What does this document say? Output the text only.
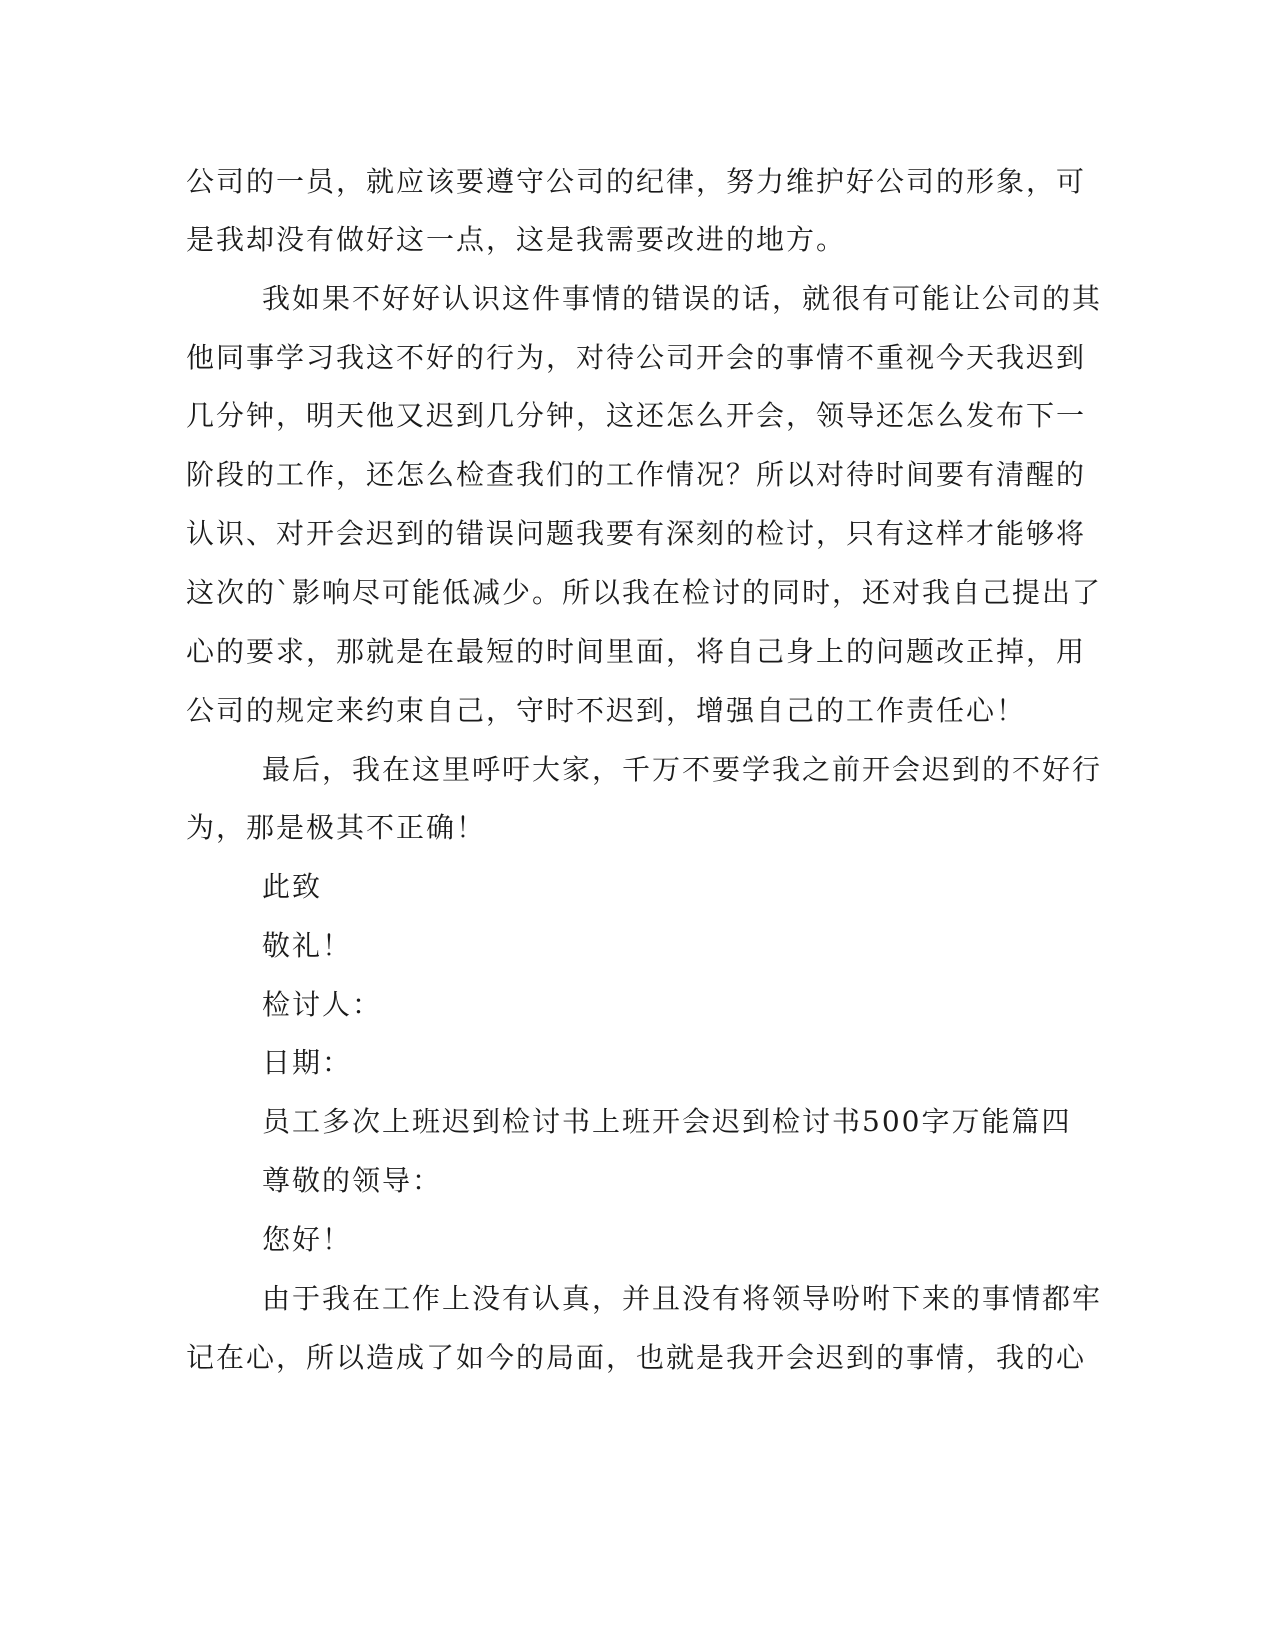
公司的一员，就应该要遵守公司的纪律，努力维护好公司的形象，可
是我却没有做好这一点，这是我需要改进的地方。
我如果不好好认识这件事情的错误的话，就很有可能让公司的其
他同事学习我这不好的行为，对待公司开会的事情不重视今天我迟到
几分钟，明天他又迟到几分钟，这还怎么开会，领导还怎么发布下一
阶段的工作，还怎么检查我们的工作情况？所以对待时间要有清醒的
认识、对开会迟到的错误问题我要有深刻的检讨，只有这样才能够将
这次的`影响尽可能低减少。所以我在检讨的同时，还对我自己提出了
心的要求，那就是在最短的时间里面，将自己身上的问题改正掉，用
公司的规定来约束自己，守时不迟到，增强自己的工作责任心！
最后，我在这里呼吁大家，千万不要学我之前开会迟到的不好行
为，那是极其不正确！
此致
敬礼！
检讨人：
日期：
员工多次上班迟到检讨书上班开会迟到检讨书500字万能篇四
尊敬的领导：
您好！
由于我在工作上没有认真，并且没有将领导吩咐下来的事情都牢
记在心，所以造成了如今的局面，也就是我开会迟到的事情，我的心
